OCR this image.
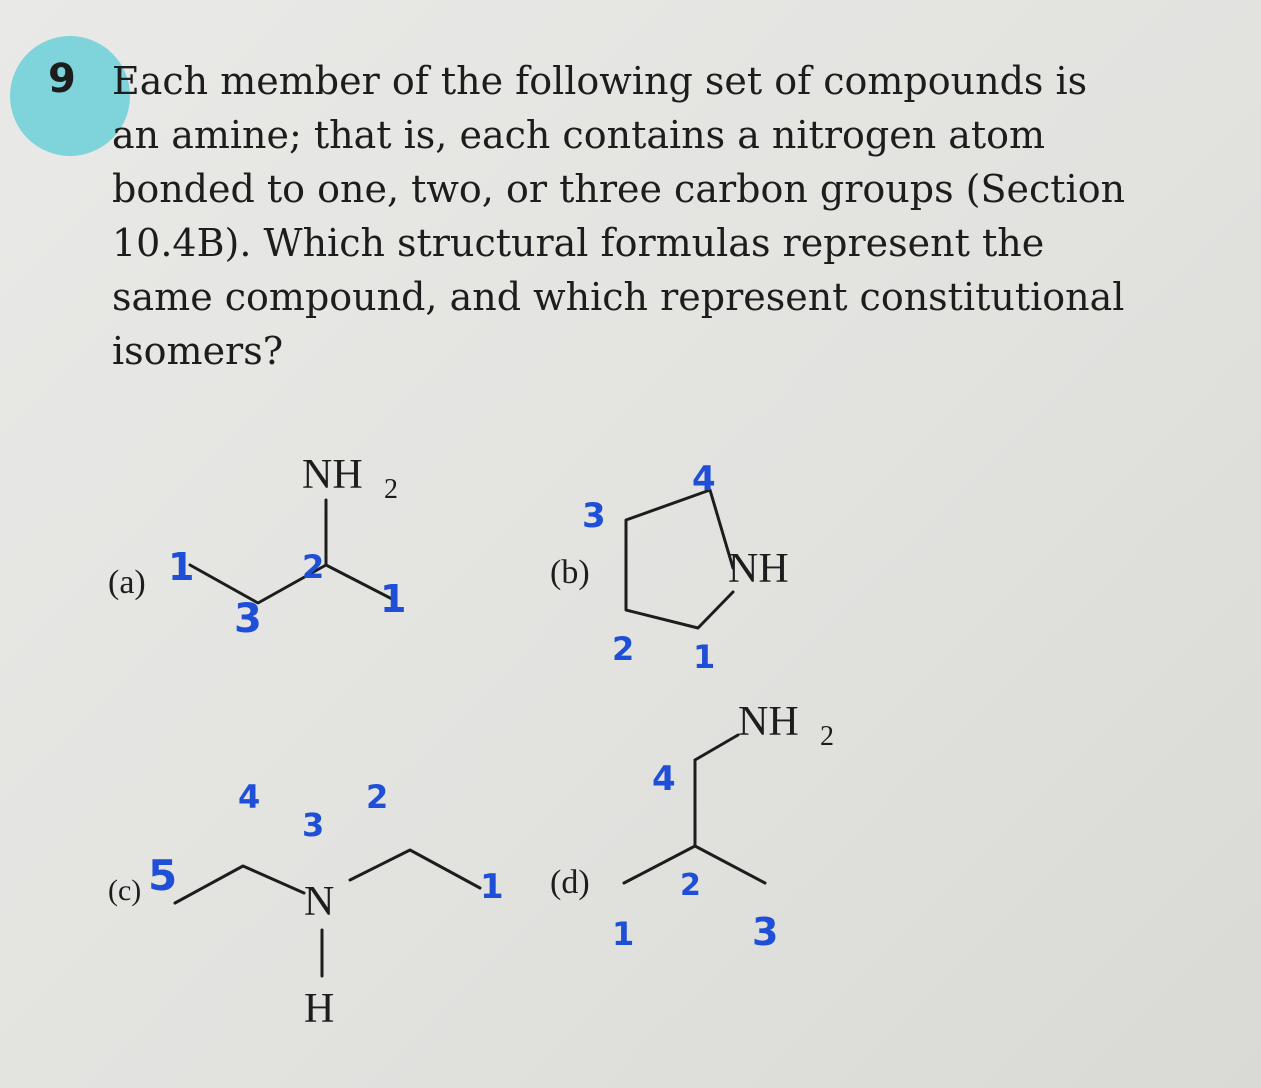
9 Each member of the following set of compounds is
an amine; that is, each contains a nitrogen atom
bonded to one, two, or three carbon groups (Section
10.4B). Which structural formulas represent the
same compound, and which represent constitutional
isomers?
(a)
NH 2
1
3
2
1
(b)	NH
3
4
2 1
(c)	N
H
5
4
3
2
1 (d)
NH 2
4
2
1	3
